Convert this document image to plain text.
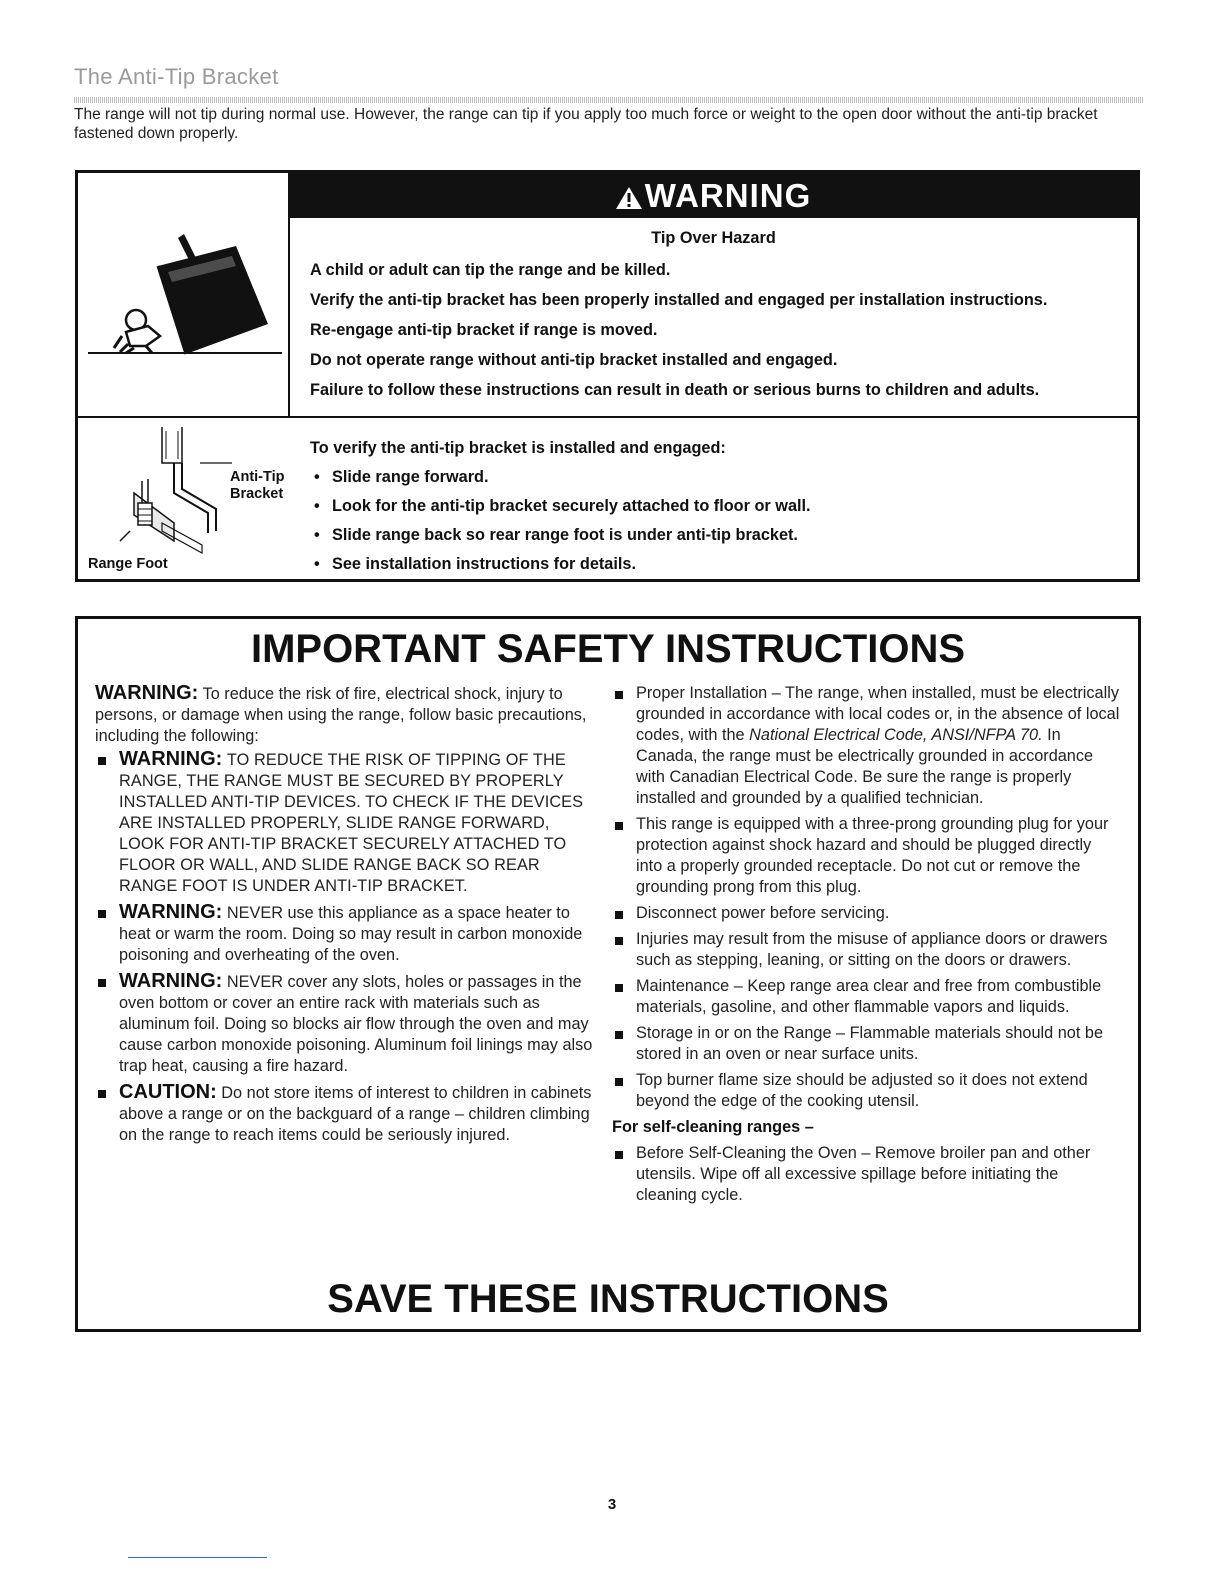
The Anti-Tip Bracket
The range will not tip during normal use. However, the range can tip if you apply too much force or weight to the open door without the anti-tip bracket fastened down properly.
WARNING

Tip Over Hazard

A child or adult can tip the range and be killed.

Verify the anti-tip bracket has been properly installed and engaged per installation instructions.

Re-engage anti-tip bracket if range is moved.

Do not operate range without anti-tip bracket installed and engaged.

Failure to follow these instructions can result in death or serious burns to children and adults.

Anti-Tip
Bracket
Range Foot

To verify the anti-tip bracket is installed and engaged:

• Slide range forward.
• Look for the anti-tip bracket securely attached to floor or wall.
• Slide range back so rear range foot is under anti-tip bracket.
• See installation instructions for details.
IMPORTANT SAFETY INSTRUCTIONS

WARNING: To reduce the risk of fire, electrical shock, injury to persons, or damage when using the range, follow basic precautions, including the following:

WARNING: TO REDUCE THE RISK OF TIPPING OF THE RANGE, THE RANGE MUST BE SECURED BY PROPERLY INSTALLED ANTI-TIP DEVICES. TO CHECK IF THE DEVICES ARE INSTALLED PROPERLY, SLIDE RANGE FORWARD, LOOK FOR ANTI-TIP BRACKET SECURELY ATTACHED TO FLOOR OR WALL, AND SLIDE RANGE BACK SO REAR RANGE FOOT IS UNDER ANTI-TIP BRACKET.
WARNING: NEVER use this appliance as a space heater to heat or warm the room. Doing so may result in carbon monoxide poisoning and overheating of the oven.
WARNING: NEVER cover any slots, holes or passages in the oven bottom or cover an entire rack with materials such as aluminum foil. Doing so blocks air flow through the oven and may cause carbon monoxide poisoning. Aluminum foil linings may also trap heat, causing a fire hazard.
CAUTION: Do not store items of interest to children in cabinets above a range or on the backguard of a range – children climbing on the range to reach items could be seriously injured.
Proper Installation – The range, when installed, must be electrically grounded in accordance with local codes or, in the absence of local codes, with the National Electrical Code, ANSI/NFPA 70. In Canada, the range must be electrically grounded in accordance with Canadian Electrical Code. Be sure the range is properly installed and grounded by a qualified technician.
This range is equipped with a three-prong grounding plug for your protection against shock hazard and should be plugged directly into a properly grounded receptacle. Do not cut or remove the grounding prong from this plug.
Disconnect power before servicing.
Injuries may result from the misuse of appliance doors or drawers such as stepping, leaning, or sitting on the doors or drawers.
Maintenance – Keep range area clear and free from combustible materials, gasoline, and other flammable vapors and liquids.
Storage in or on the Range – Flammable materials should not be stored in an oven or near surface units.
Top burner flame size should be adjusted so it does not extend beyond the edge of the cooking utensil.
For self-cleaning ranges –
Before Self-Cleaning the Oven – Remove broiler pan and other utensils. Wipe off all excessive spillage before initiating the cleaning cycle.
SAVE THESE INSTRUCTIONS
3
